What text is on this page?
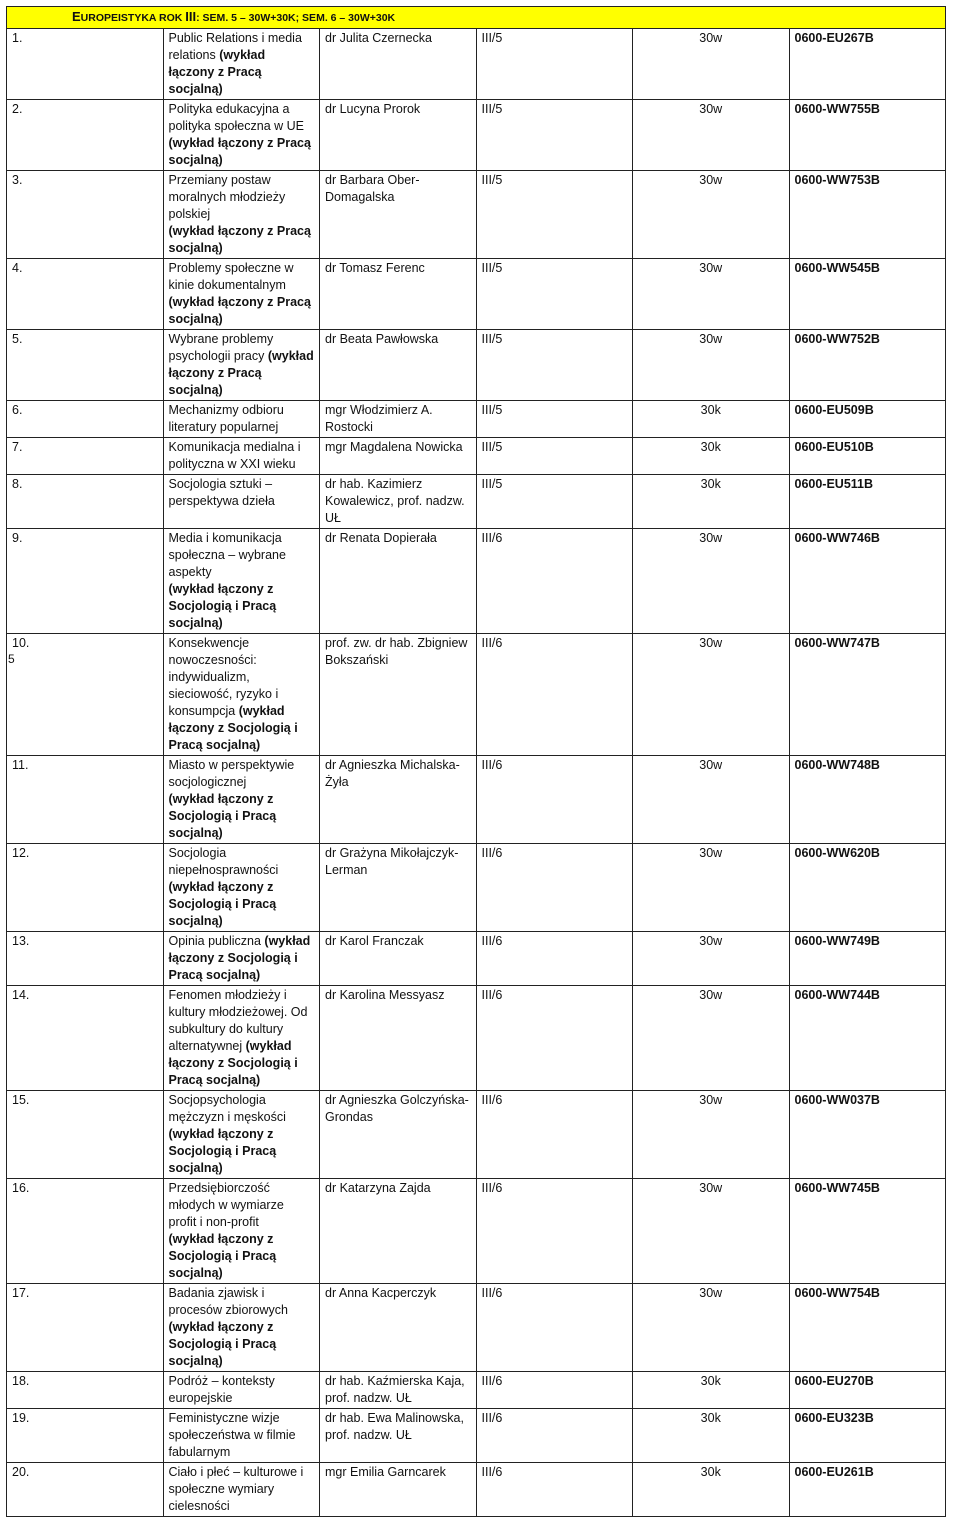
EUROPEISTYKA ROK III: SEM. 5 – 30W+30K; SEM. 6 – 30W+30K					
1.	Public Relations i media relations (wykład łączony z Pracą socjalną)	dr Julita Czernecka	III/5	30w	0600-EU267B
2.	Polityka edukacyjna a polityka społeczna w UE
(wykład łączony z Pracą socjalną)	dr Lucyna Prorok	III/5	30w	0600-WW755B
3.	Przemiany postaw moralnych młodzieży polskiej
(wykład łączony z Pracą socjalną)	dr Barbara Ober-Domagalska	III/5	30w	0600-WW753B
4.	Problemy społeczne w kinie dokumentalnym
(wykład łączony z Pracą socjalną)	dr Tomasz Ferenc	III/5	30w	0600-WW545B
5.	Wybrane problemy psychologii pracy (wykład łączony z Pracą socjalną)	dr Beata Pawłowska	III/5	30w	0600-WW752B
6.	Mechanizmy odbioru literatury popularnej	mgr Włodzimierz A. Rostocki	III/5	30k	0600-EU509B
7.	Komunikacja medialna i polityczna w XXI wieku	mgr Magdalena Nowicka	III/5	30k	0600-EU510B
8.	Socjologia sztuki – perspektywa dzieła	dr hab. Kazimierz Kowalewicz, prof. nadzw. UŁ	III/5	30k	0600-EU511B
9.	Media i komunikacja społeczna – wybrane aspekty
(wykład łączony z Socjologią i Pracą socjalną)	dr Renata Dopierała	III/6	30w	0600-WW746B
10.	Konsekwencje nowoczesności: indywidualizm, sieciowość, ryzyko i konsumpcja (wykład łączony z Socjologią i Pracą socjalną)	prof. zw. dr hab. Zbigniew Bokszański	III/6	30w	0600-WW747B
11.	Miasto w perspektywie socjologicznej
(wykład łączony z Socjologią i Pracą socjalną)	dr Agnieszka Michalska-Żyła	III/6	30w	0600-WW748B
12.	Socjologia niepełnosprawności
(wykład łączony z Socjologią i Pracą socjalną)	dr Grażyna Mikołajczyk-Lerman	III/6	30w	0600-WW620B
13.	Opinia publiczna (wykład łączony z Socjologią i Pracą socjalną)	dr Karol Franczak	III/6	30w	0600-WW749B
14.	Fenomen młodzieży i kultury młodzieżowej. Od subkultury do kultury alternatywnej (wykład łączony z Socjologią i Pracą socjalną)	dr Karolina Messyasz	III/6	30w	0600-WW744B
15.	Socjopsychologia mężczyzn i męskości
(wykład łączony z Socjologią i Pracą socjalną)	dr Agnieszka Golczyńska-Grondas	III/6	30w	0600-WW037B
16.	Przedsiębiorczość młodych w wymiarze profit i non-profit
(wykład łączony z Socjologią i Pracą socjalną)	dr Katarzyna Zajda	III/6	30w	0600-WW745B
17.	Badania zjawisk i procesów zbiorowych
(wykład łączony z Socjologią i Pracą socjalną)	dr Anna Kacperczyk	III/6	30w	0600-WW754B
18.	Podróż – konteksty europejskie	dr hab. Kaźmierska Kaja, prof. nadzw. UŁ	III/6	30k	0600-EU270B
19.	Feministyczne wizje społeczeństwa w filmie fabularnym	dr hab. Ewa Malinowska, prof. nadzw. UŁ	III/6	30k	0600-EU323B
20.	Ciało i płeć – kulturowe i społeczne wymiary cielesności	mgr Emilia Garncarek	III/6	30k	0600-EU261B
5
